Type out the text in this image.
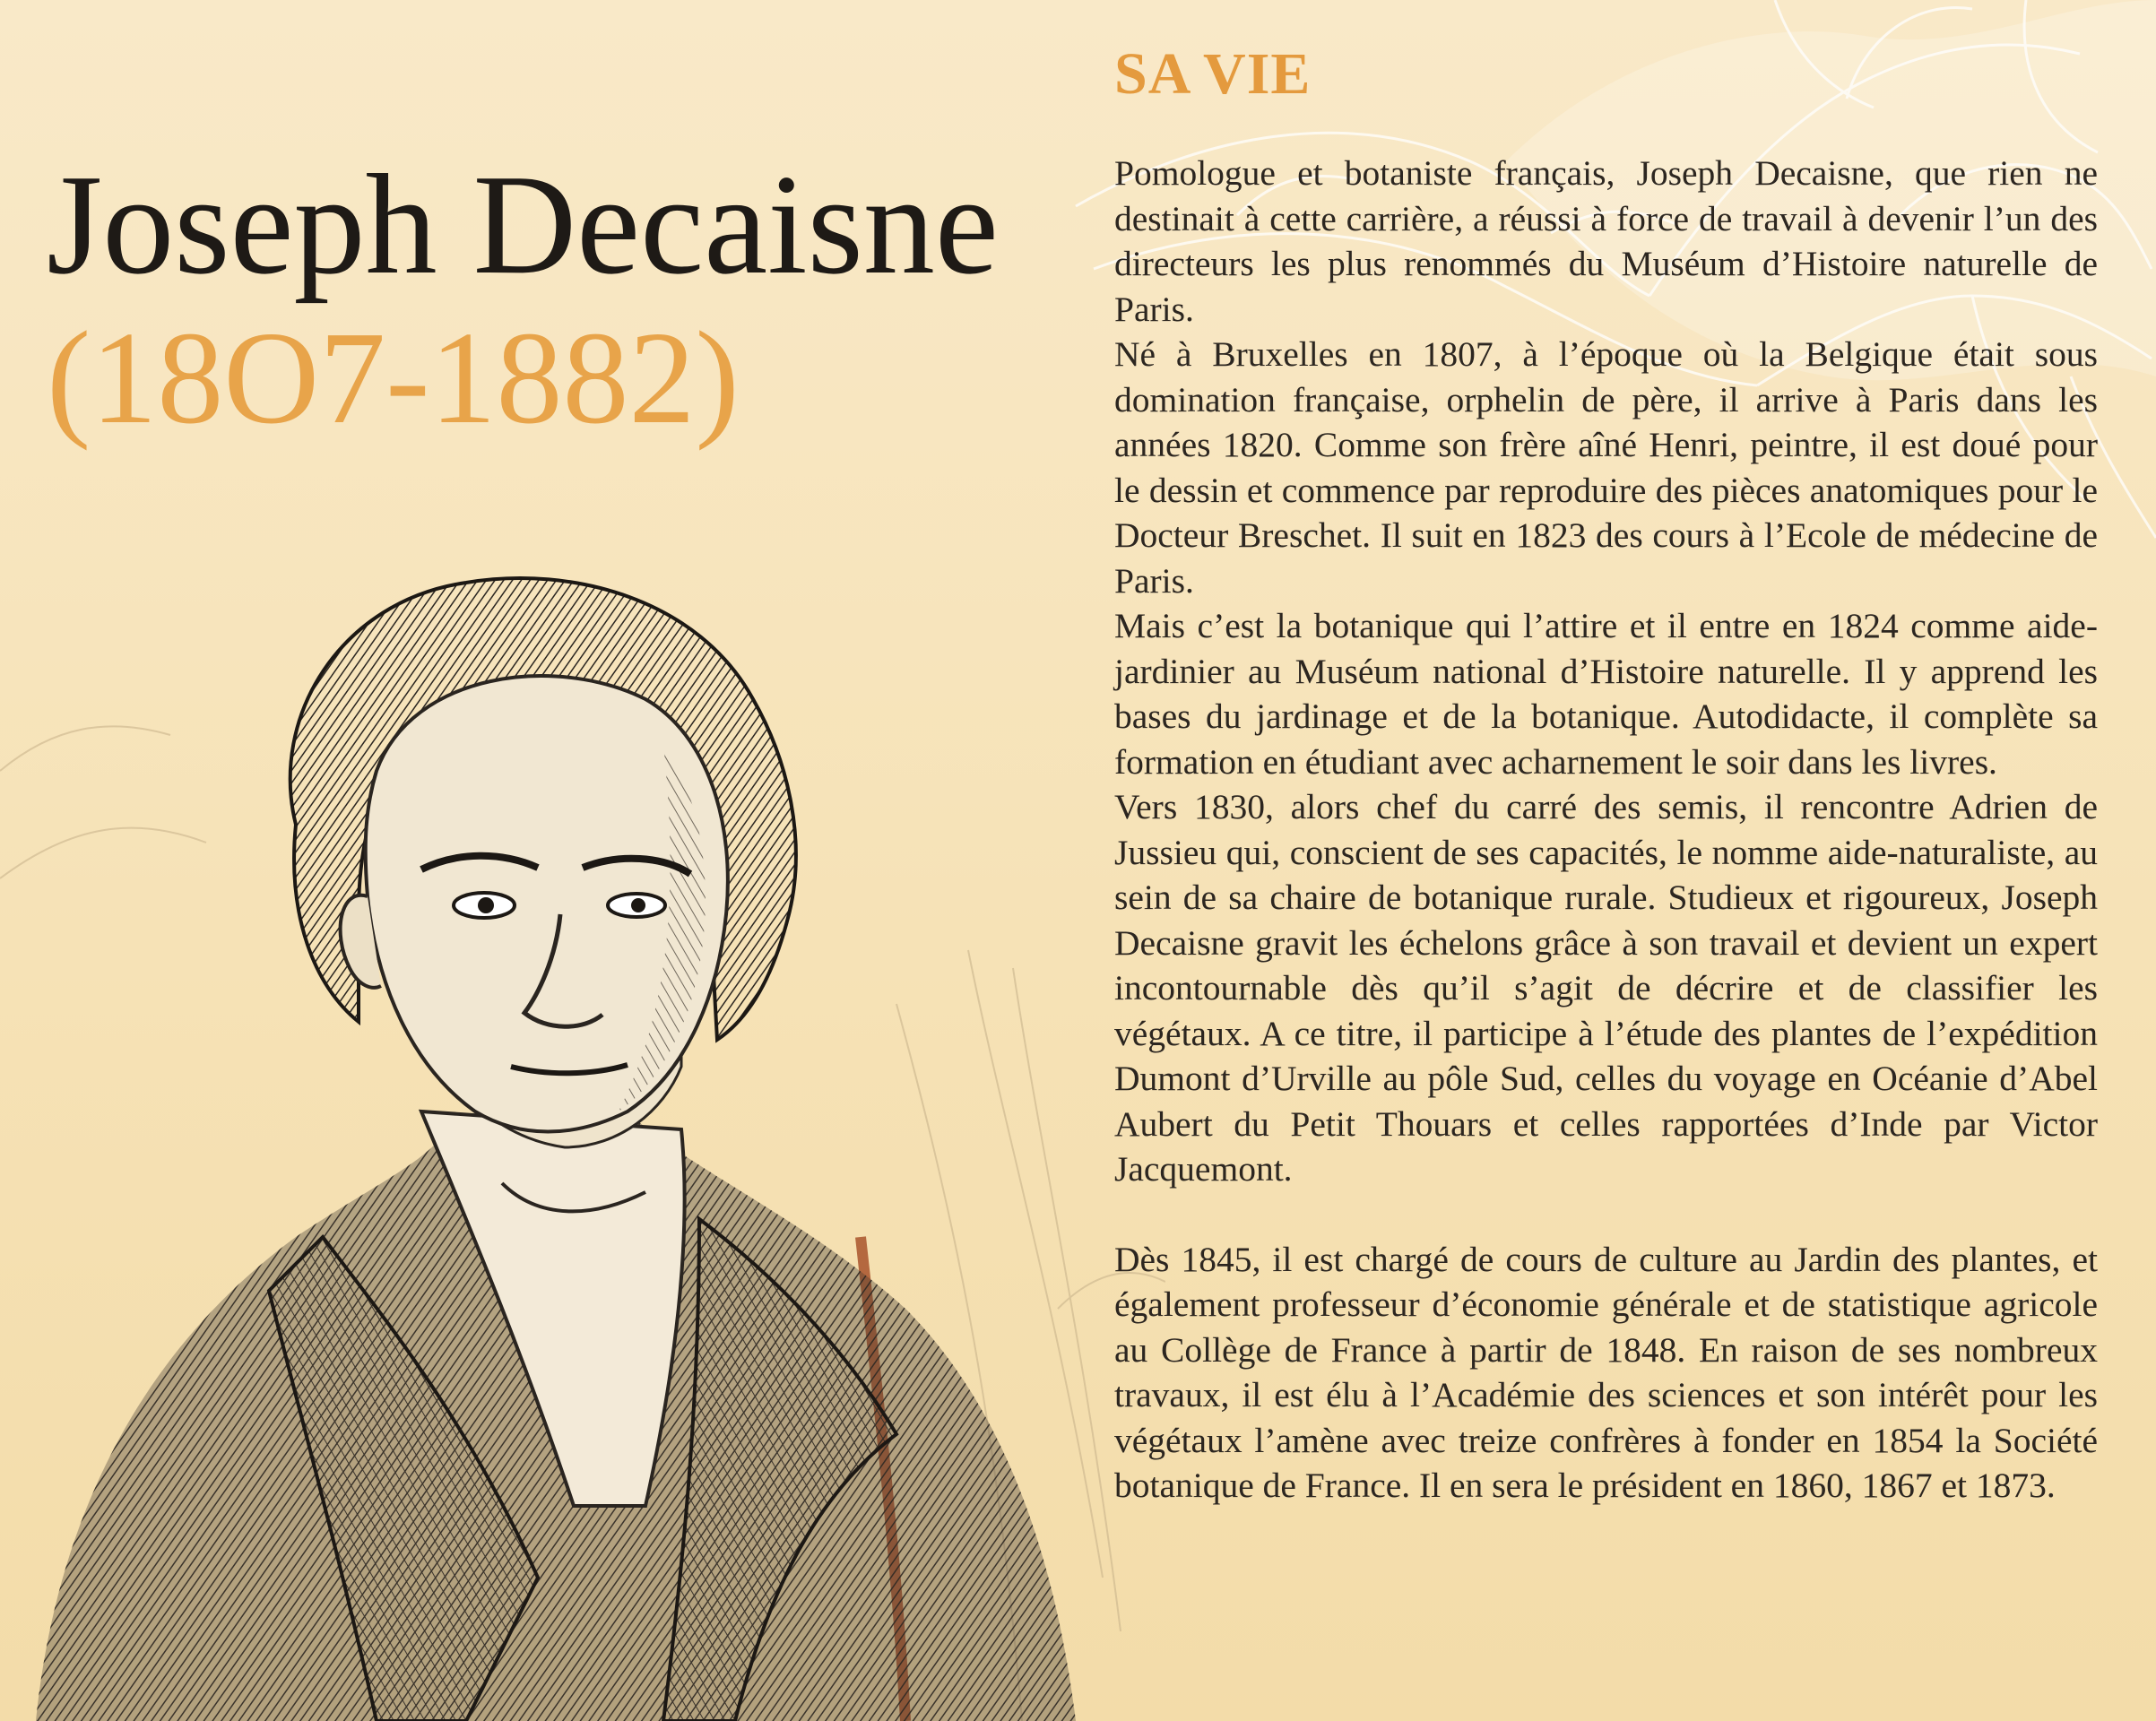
Joseph Decaisne
(18O7-1882)
SA VIE

Pomologue et botaniste français, Joseph Decaisne, que rien ne destinait à cette carrière, a réussi à force de travail à devenir l’un des directeurs les plus renommés du Muséum d’Histoire naturelle de Paris.

Né à Bruxelles en 1807, à l’époque où la Belgique était sous domination française, orphelin de père, il arrive à Paris dans les années 1820. Comme son frère aîné Henri, peintre, il est doué pour le dessin et commence par reproduire des pièces anatomiques pour le Docteur Breschet. Il suit en 1823 des cours à l’Ecole de médecine de Paris.

Mais c’est la botanique qui l’attire et il entre en 1824 comme aide-jardinier au Muséum national d’Histoire naturelle. Il y apprend les bases du jardinage et de la botanique. Autodidacte, il complète sa formation en étudiant avec acharnement le soir dans les livres.

Vers 1830, alors chef du carré des semis, il rencontre Adrien de Jussieu qui, conscient de ses capacités, le nomme aide-naturaliste, au sein de sa chaire de botanique rurale. Studieux et rigoureux, Joseph Decaisne gravit les échelons grâce à son travail et devient un expert incontournable dès qu’il s’agit de décrire et de classifier les végétaux. A ce titre, il participe à l’étude des plantes de l’expédition Dumont d’Urville au pôle Sud, celles du voyage en Océanie d’Abel Aubert du Petit Thouars et celles rapportées d’Inde par Victor Jacquemont.

Dès 1845, il est chargé de cours de culture au Jardin des plantes, et également professeur d’économie générale et de statistique agricole au Collège de France à partir de 1848. En raison de ses nombreux travaux, il est élu à l’Académie des sciences et son intérêt pour les végétaux l’amène avec treize confrères à fonder en 1854 la Société botanique de France. Il en sera le président en 1860, 1867 et 1873.
